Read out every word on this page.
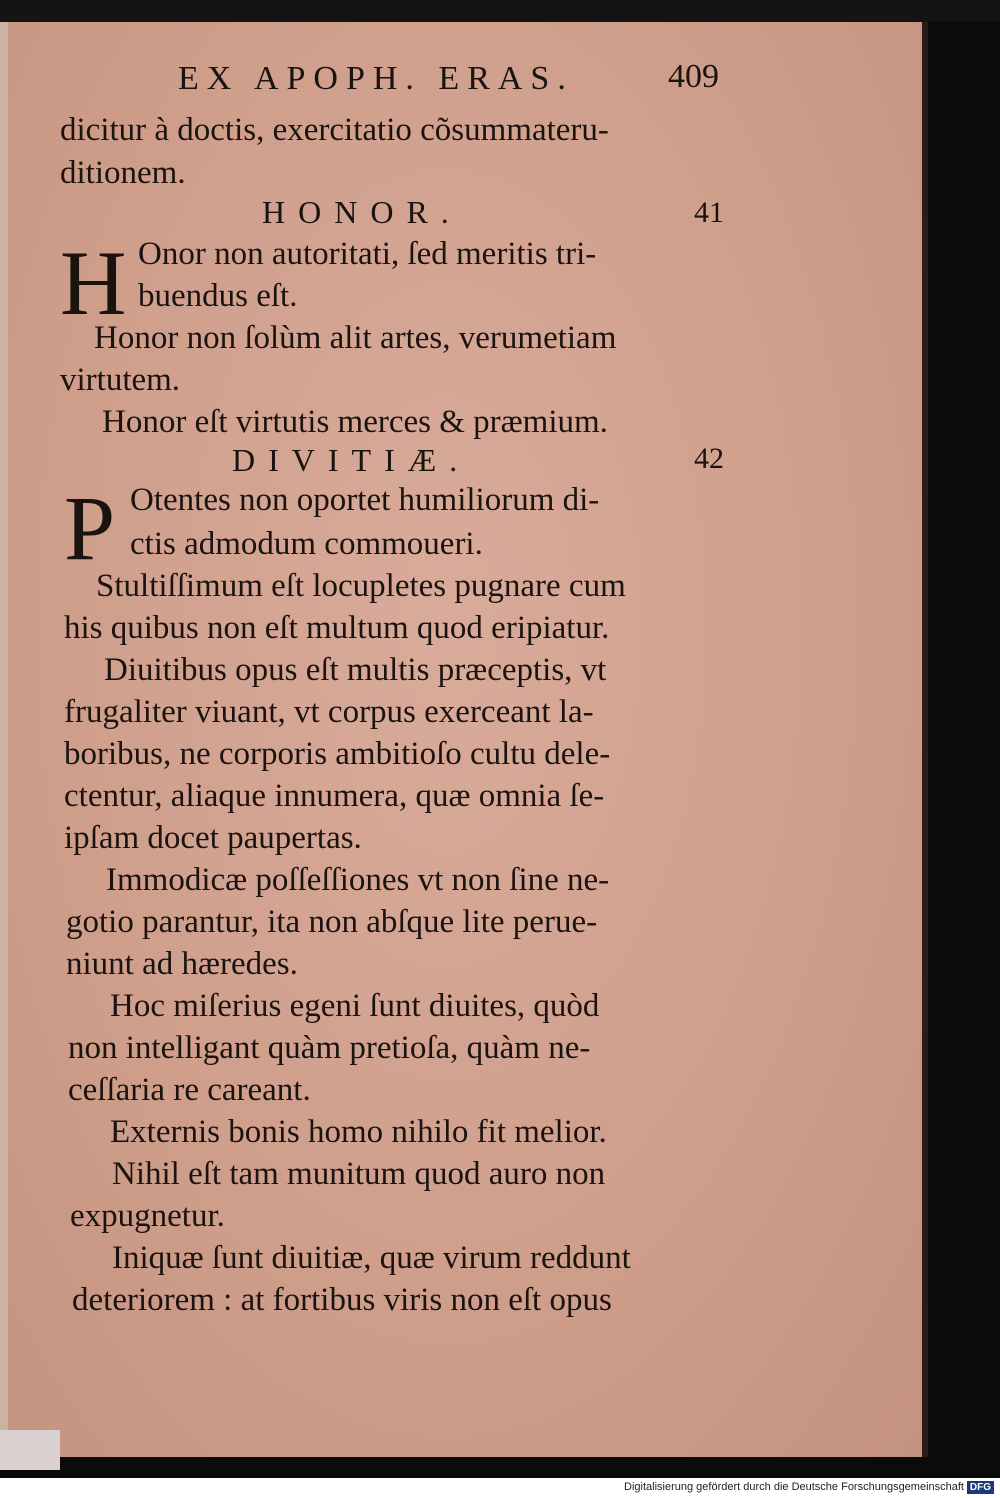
EX APOPH. ERAS.	409
dicitur à doctis, exercitatio cõsummateru-
ditionem.
HONOR.	41
H Onor non autoritati, ſed meritis tri-
buendus eſt.
Honor non ſolùm alit artes, verumetiam
virtutem.
Honor eſt virtutis merces & præmium.
DIVITIÆ.	42
P Otentes non oportet humiliorum di-
ctis admodum commoueri.
Stultiſſimum eſt locupletes pugnare cum
his quibus non eſt multum quod eripiatur.
Diuitibus opus eſt multis præceptis, vt
frugaliter viuant, vt corpus exerceant la-
boribus, ne corporis ambitioſo cultu dele-
ctentur, aliaque innumera, quæ omnia ſe-
ipſam docet paupertas.
Immodicæ poſſeſſiones vt non ſine ne-
gotio parantur, ita non abſque lite perue-
niunt ad hæredes.
Hoc miſerius egeni ſunt diuites, quòd
non intelligant quàm pretioſa, quàm ne-
ceſſaria re careant.
Externis bonis homo nihilo fit melior.
Nihil eſt tam munitum quod auro non
expugnetur.
Iniquæ ſunt diuitiæ, quæ virum reddunt
deteriorem : at fortibus viris non eſt opus
Digitalisierung gefördert durch die Deutsche Forschungsgemeinschaft DFG
